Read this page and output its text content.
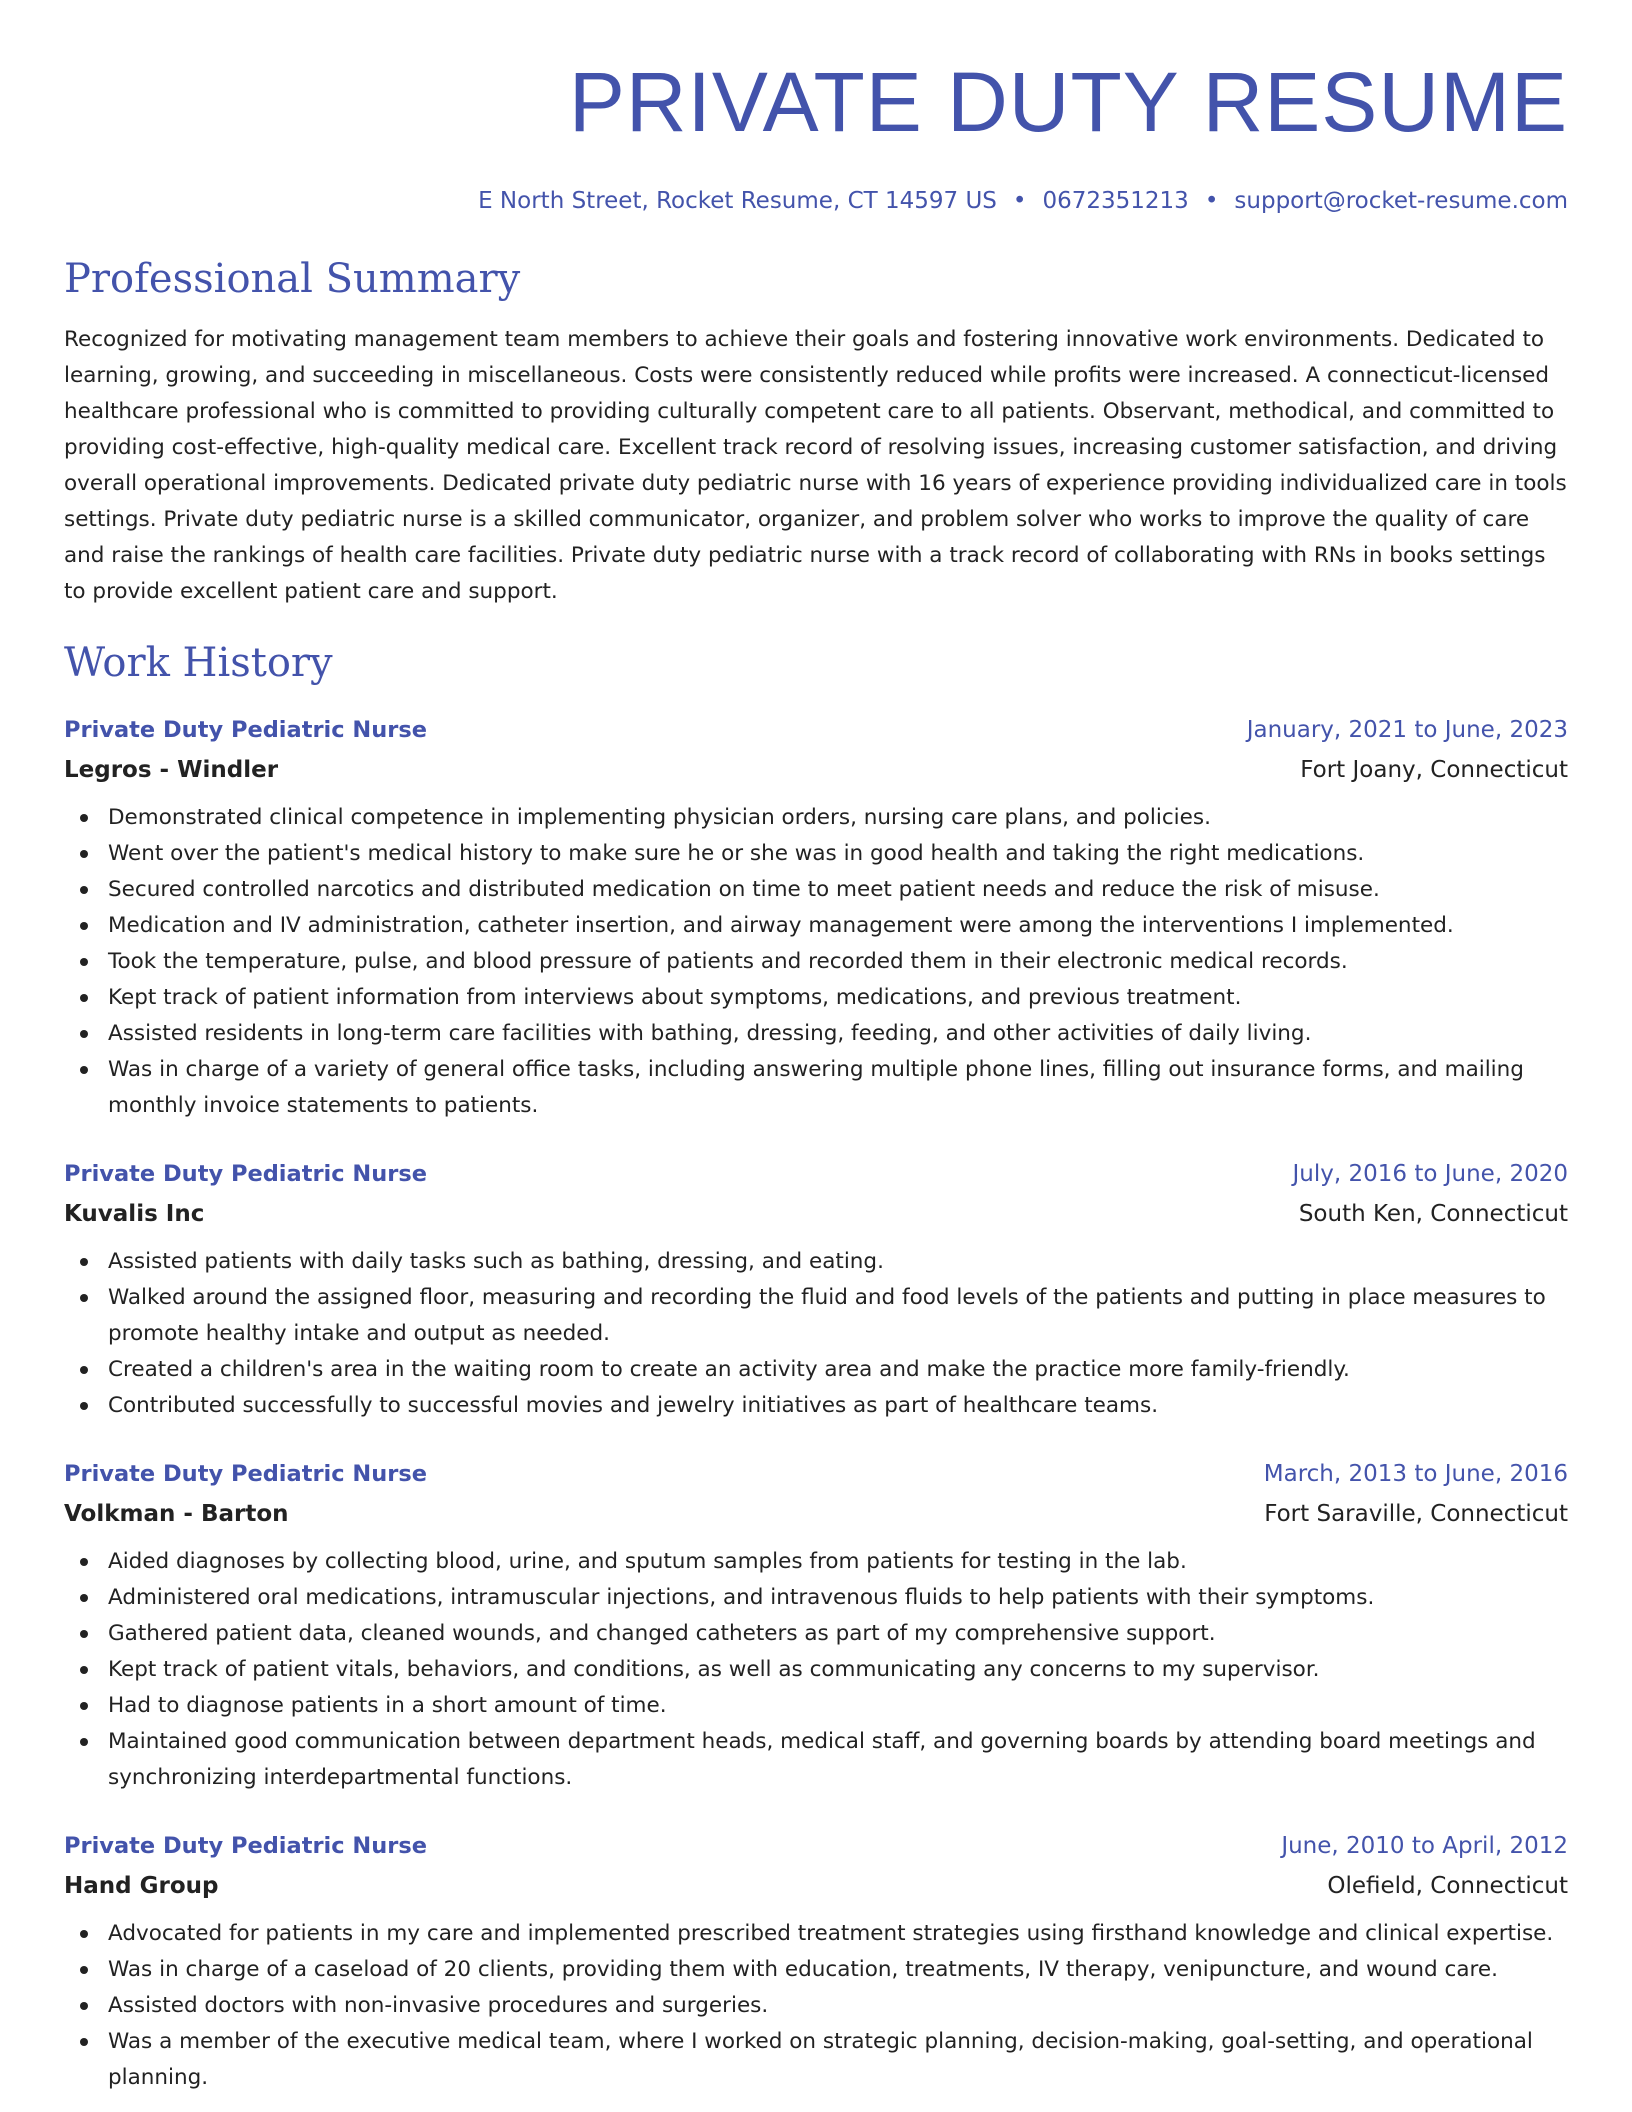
PRIVATE DUTY RESUME
E North Street, Rocket Resume, CT 14597 US • 0672351213 • support@rocket-resume.com
Professional Summary

Recognized for motivating management team members to achieve their goals and fostering innovative work environments. Dedicated to learning, growing, and succeeding in miscellaneous. Costs were consistently reduced while profits were increased. A connecticut-licensed healthcare professional who is committed to providing culturally competent care to all patients. Observant, methodical, and committed to providing cost-effective, high-quality medical care. Excellent track record of resolving issues, increasing customer satisfaction, and driving overall operational improvements. Dedicated private duty pediatric nurse with 16 years of experience providing individualized care in tools settings. Private duty pediatric nurse is a skilled communicator, organizer, and problem solver who works to improve the quality of care and raise the rankings of health care facilities. Private duty pediatric nurse with a track record of collaborating with RNs in books settings to provide excellent patient care and support.

Work History
Private Duty Pediatric Nurse	January, 2021 to June, 2023
Legros - Windler	Fort Joany, Connecticut
Demonstrated clinical competence in implementing physician orders, nursing care plans, and policies.
Went over the patient's medical history to make sure he or she was in good health and taking the right medications.
Secured controlled narcotics and distributed medication on time to meet patient needs and reduce the risk of misuse.
Medication and IV administration, catheter insertion, and airway management were among the interventions I implemented.
Took the temperature, pulse, and blood pressure of patients and recorded them in their electronic medical records.
Kept track of patient information from interviews about symptoms, medications, and previous treatment.
Assisted residents in long-term care facilities with bathing, dressing, feeding, and other activities of daily living.
Was in charge of a variety of general office tasks, including answering multiple phone lines, filling out insurance forms, and mailing monthly invoice statements to patients.
Private Duty Pediatric Nurse	July, 2016 to June, 2020
Kuvalis Inc	South Ken, Connecticut
Assisted patients with daily tasks such as bathing, dressing, and eating.
Walked around the assigned floor, measuring and recording the fluid and food levels of the patients and putting in place measures to promote healthy intake and output as needed.
Created a children's area in the waiting room to create an activity area and make the practice more family-friendly.
Contributed successfully to successful movies and jewelry initiatives as part of healthcare teams.
Private Duty Pediatric Nurse	March, 2013 to June, 2016
Volkman - Barton	Fort Saraville, Connecticut
Aided diagnoses by collecting blood, urine, and sputum samples from patients for testing in the lab.
Administered oral medications, intramuscular injections, and intravenous fluids to help patients with their symptoms.
Gathered patient data, cleaned wounds, and changed catheters as part of my comprehensive support.
Kept track of patient vitals, behaviors, and conditions, as well as communicating any concerns to my supervisor.
Had to diagnose patients in a short amount of time.
Maintained good communication between department heads, medical staff, and governing boards by attending board meetings and synchronizing interdepartmental functions.
Private Duty Pediatric Nurse	June, 2010 to April, 2012
Hand Group	Olefield, Connecticut
Advocated for patients in my care and implemented prescribed treatment strategies using firsthand knowledge and clinical expertise.
Was in charge of a caseload of 20 clients, providing them with education, treatments, IV therapy, venipuncture, and wound care.
Assisted doctors with non-invasive procedures and surgeries.
Was a member of the executive medical team, where I worked on strategic planning, decision-making, goal-setting, and operational planning.
